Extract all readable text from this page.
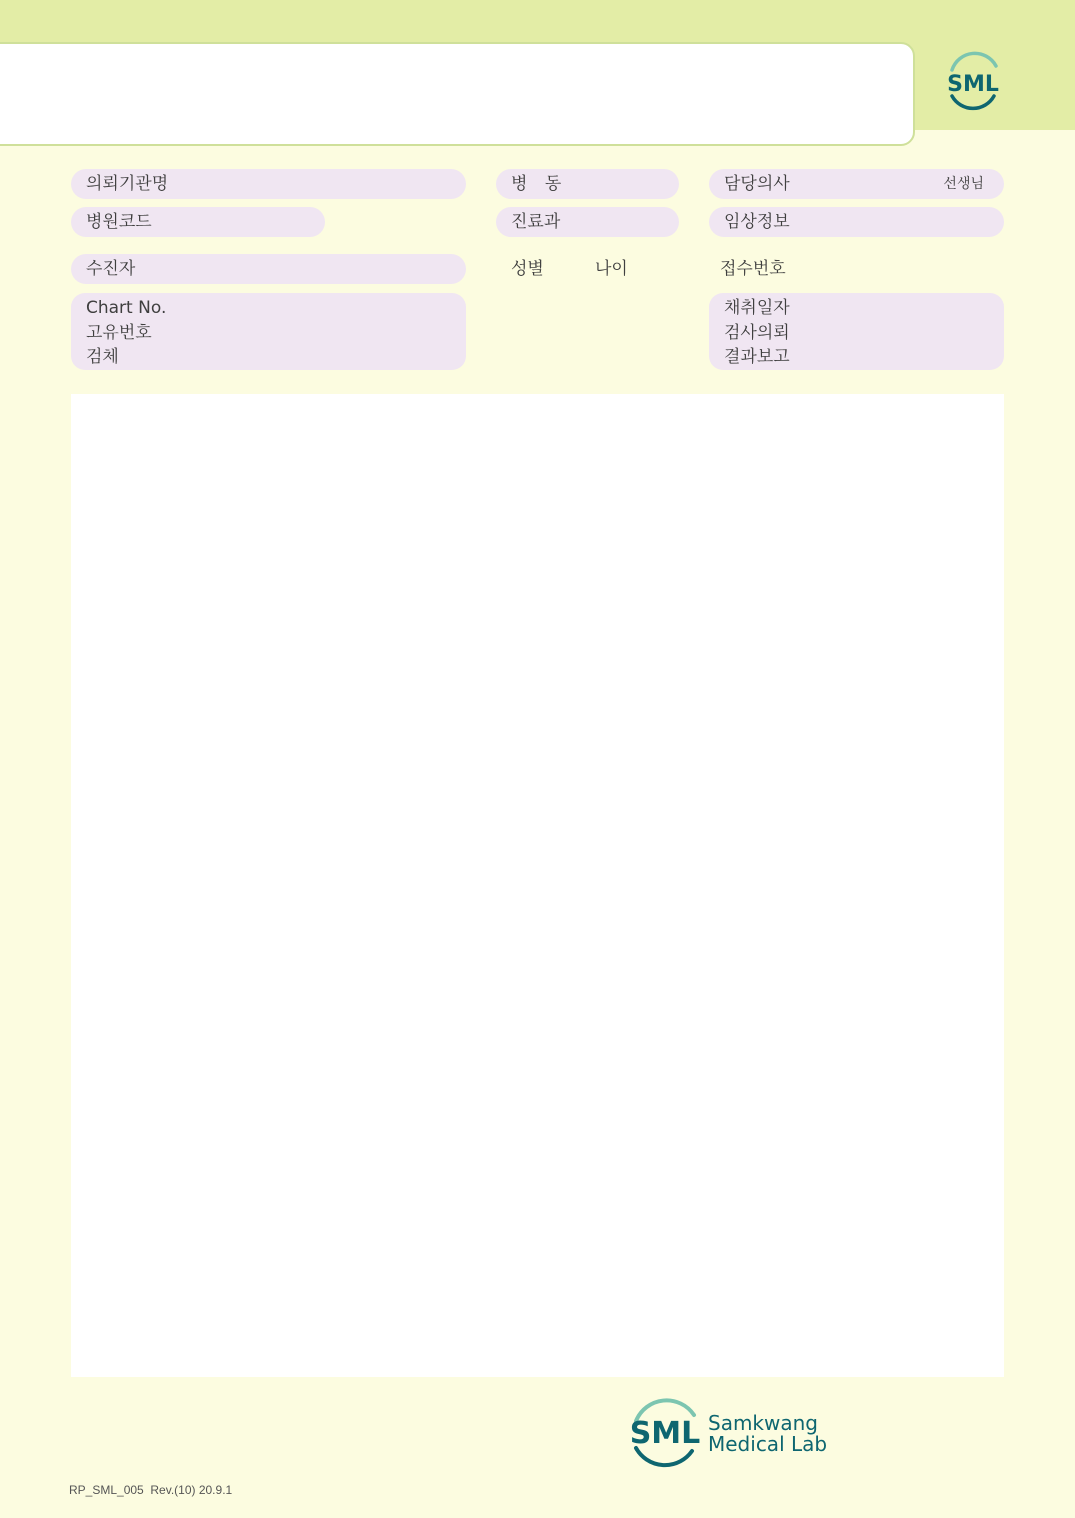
SML
의뢰기관명	병 동	담당의사	선생님
병원코드	진료과	임상정보
수진자	성별	나이	접수번호
Chart No.
고유번호
검체
채취일자
검사의뢰
결과보고
SML Samkwang
Medical Lab
RP_SML_005  Rev.(10) 20.9.1
